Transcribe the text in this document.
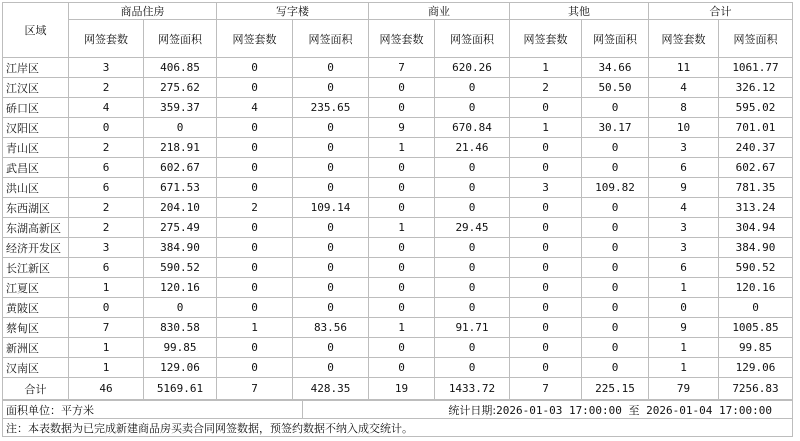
区域	商品住房		写字楼		商业		其他		合计	
	网签套数	网签面积	网签套数	网签面积	网签套数	网签面积	网签套数	网签面积	网签套数	网签面积
江岸区	3	406.85	0	0	7	620.26	1	34.66	11	1061.77
江汉区	2	275.62	0	0	0	0	2	50.50	4	326.12
硚口区	4	359.37	4	235.65	0	0	0	0	8	595.02
汉阳区	0	0	0	0	9	670.84	1	30.17	10	701.01
青山区	2	218.91	0	0	1	21.46	0	0	3	240.37
武昌区	6	602.67	0	0	0	0	0	0	6	602.67
洪山区	6	671.53	0	0	0	0	3	109.82	9	781.35
东西湖区	2	204.10	2	109.14	0	0	0	0	4	313.24
东湖高新区	2	275.49	0	0	1	29.45	0	0	3	304.94
经济开发区	3	384.90	0	0	0	0	0	0	3	384.90
长江新区	6	590.52	0	0	0	0	0	0	6	590.52
江夏区	1	120.16	0	0	0	0	0	0	1	120.16
黄陂区	0	0	0	0	0	0	0	0	0	0
蔡甸区	7	830.58	1	83.56	1	91.71	0	0	9	1005.85
新洲区	1	99.85	0	0	0	0	0	0	1	99.85
汉南区	1	129.06	0	0	0	0	0	0	1	129.06
合计	46	5169.61	7	428.35	19	1433.72	7	225.15	79	7256.83
面积单位：平方米	统计日期:2026-01-03 17:00:00 至 2026-01-04 17:00:00
注：本表数据为已完成新建商品房买卖合同网签数据，预签约数据不纳入成交统计。
